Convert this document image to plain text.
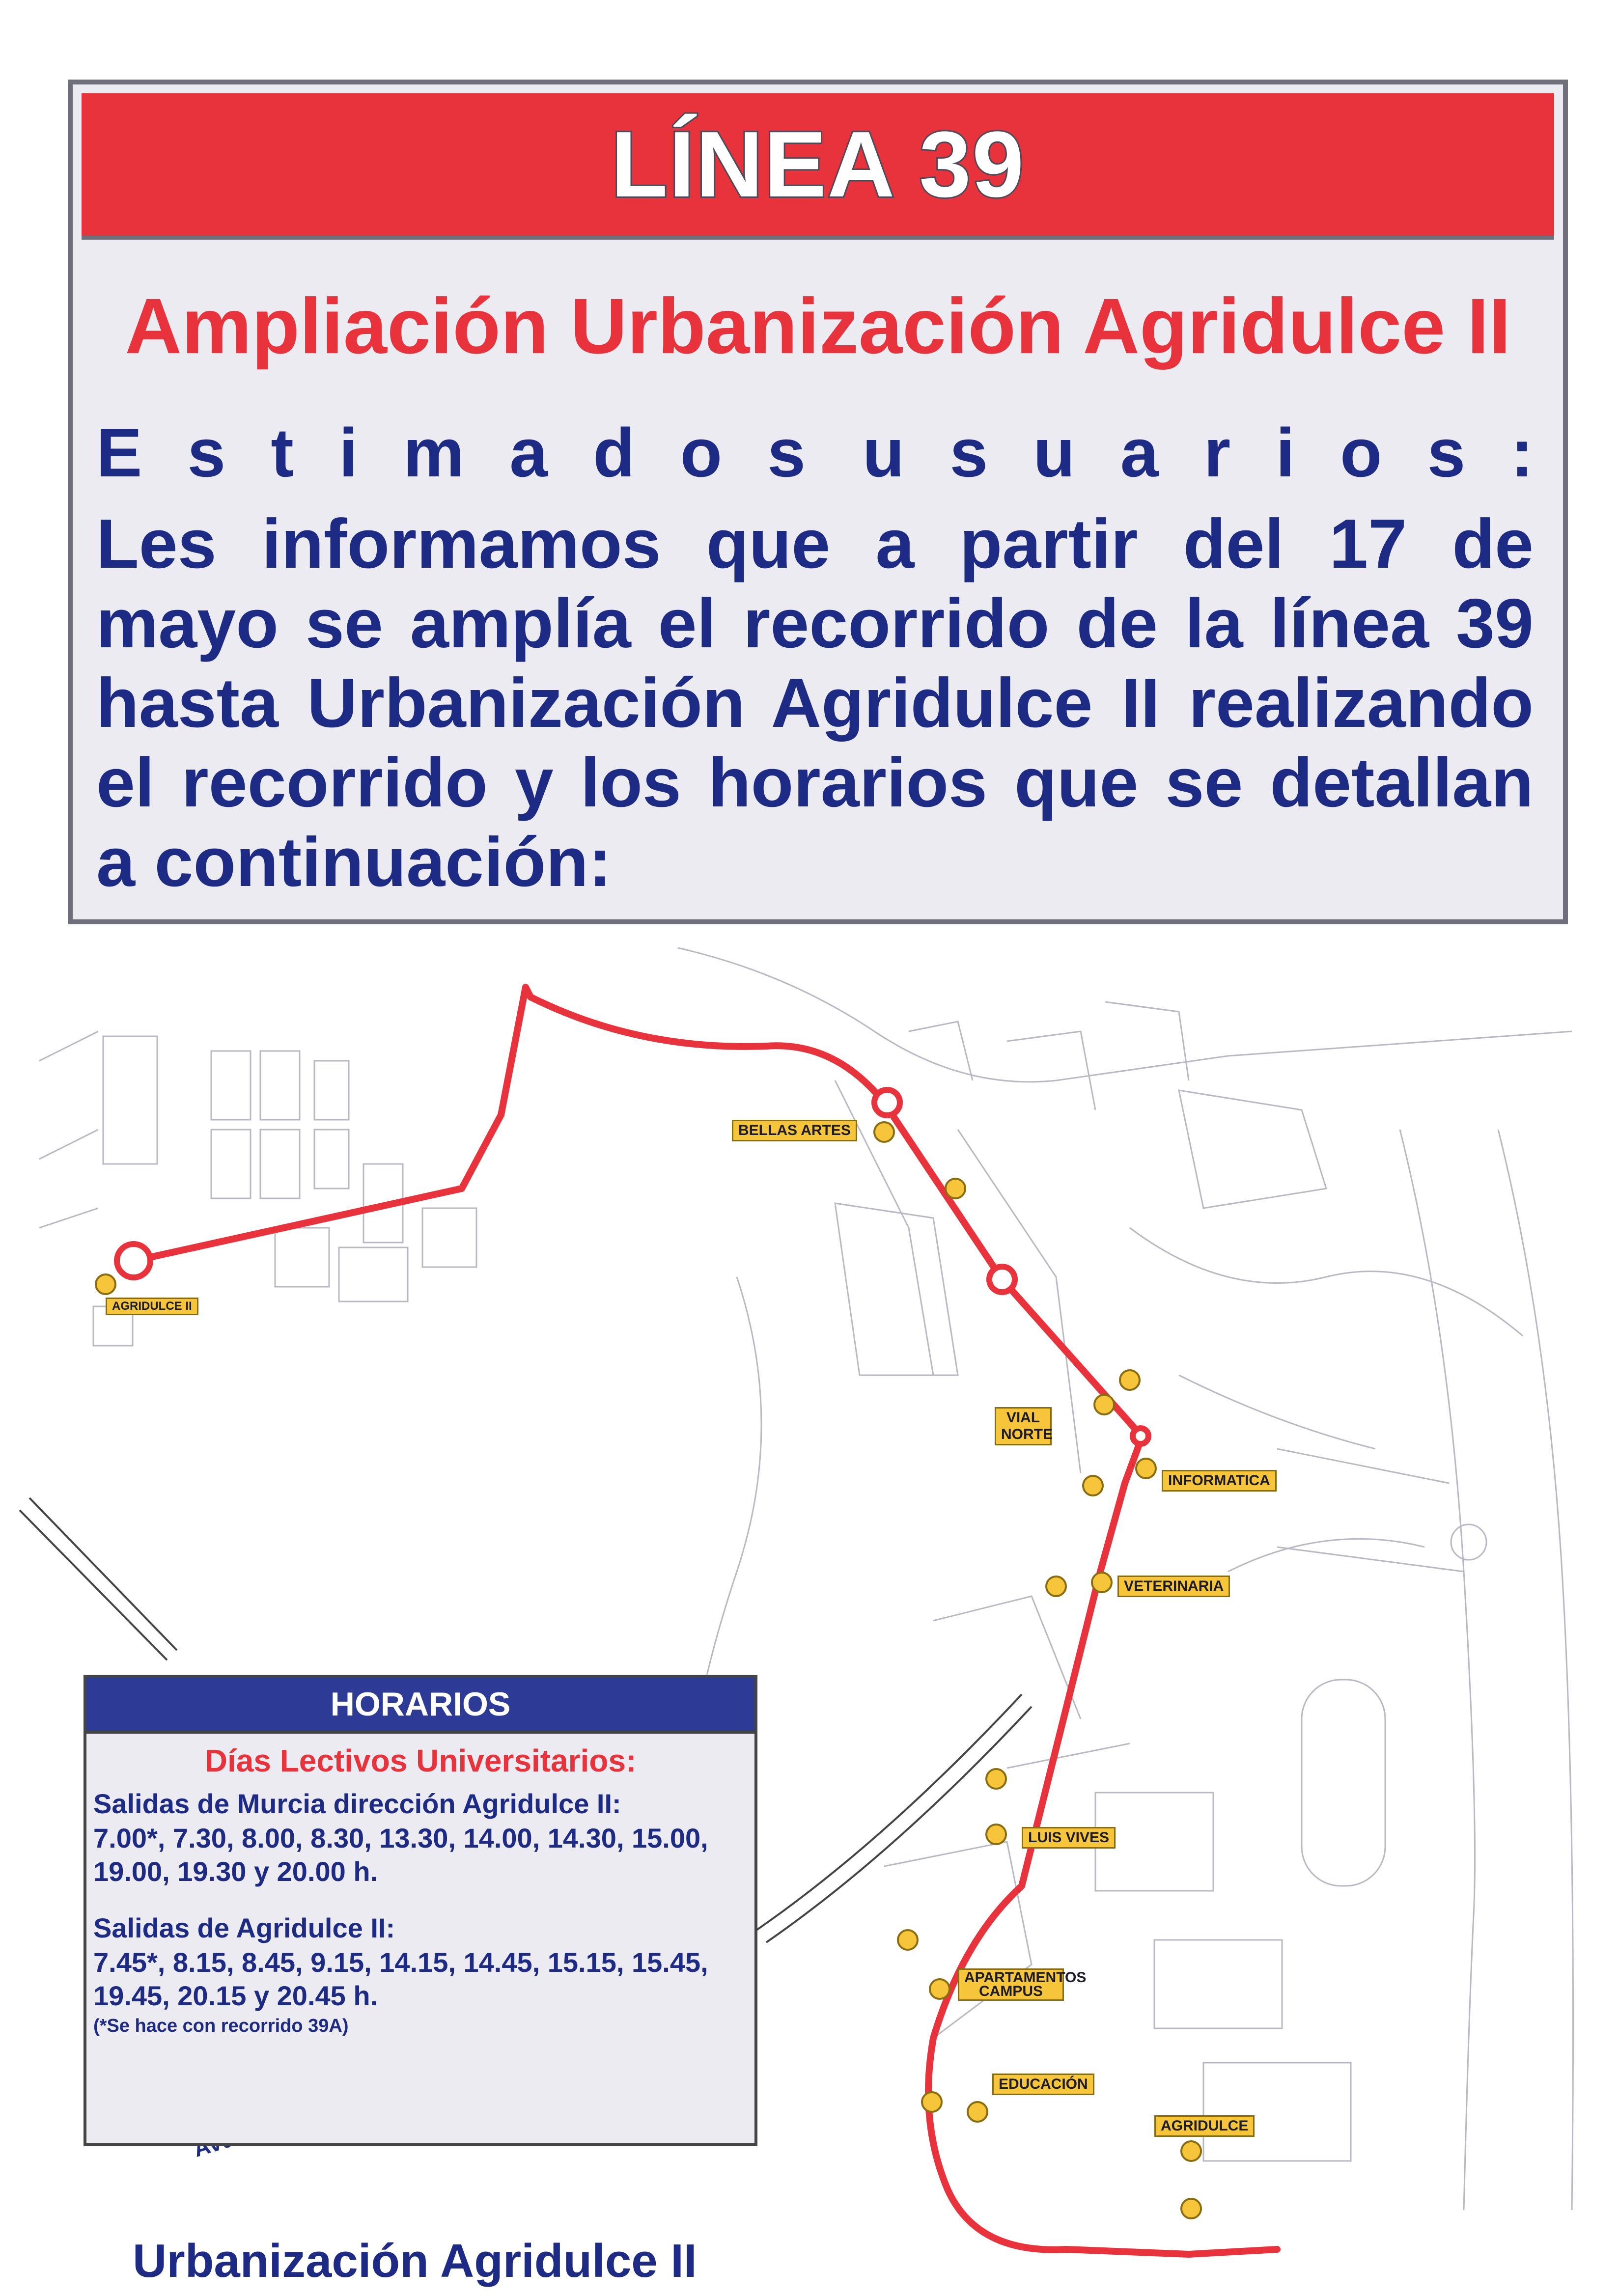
LÍNEA 39
Ampliación Urbanización Agridulce II
Estimados usuarios:
Les informamos que a partir del 17 de mayo se amplía el recorrido de la línea 39 hasta Urbanización Agridulce II realizando el recorrido y los horarios que se detallan a continuación:
Urbanización Agridulce II
AGRIDULCE II
BELLAS ARTES
VIAL NORTE
INFORMATICA
VETERINARIA
LUIS VIVES
APARTAMENTOS CAMPUS
EDUCACIÓN
AGRIDULCE
HORARIOS
Días Lectivos Universitarios:
Salidas de Murcia dirección Agridulce II:
7.00*, 7.30, 8.00, 8.30, 13.30, 14.00, 14.30, 15.00, 19.00, 19.30 y 20.00 h.
Salidas de Agridulce II:
7.45*, 8.15, 8.45, 9.15, 14.15, 14.45, 15.15, 15.45, 19.45, 20.15 y 20.45 h.
(*Se hace con recorrido 39A)
